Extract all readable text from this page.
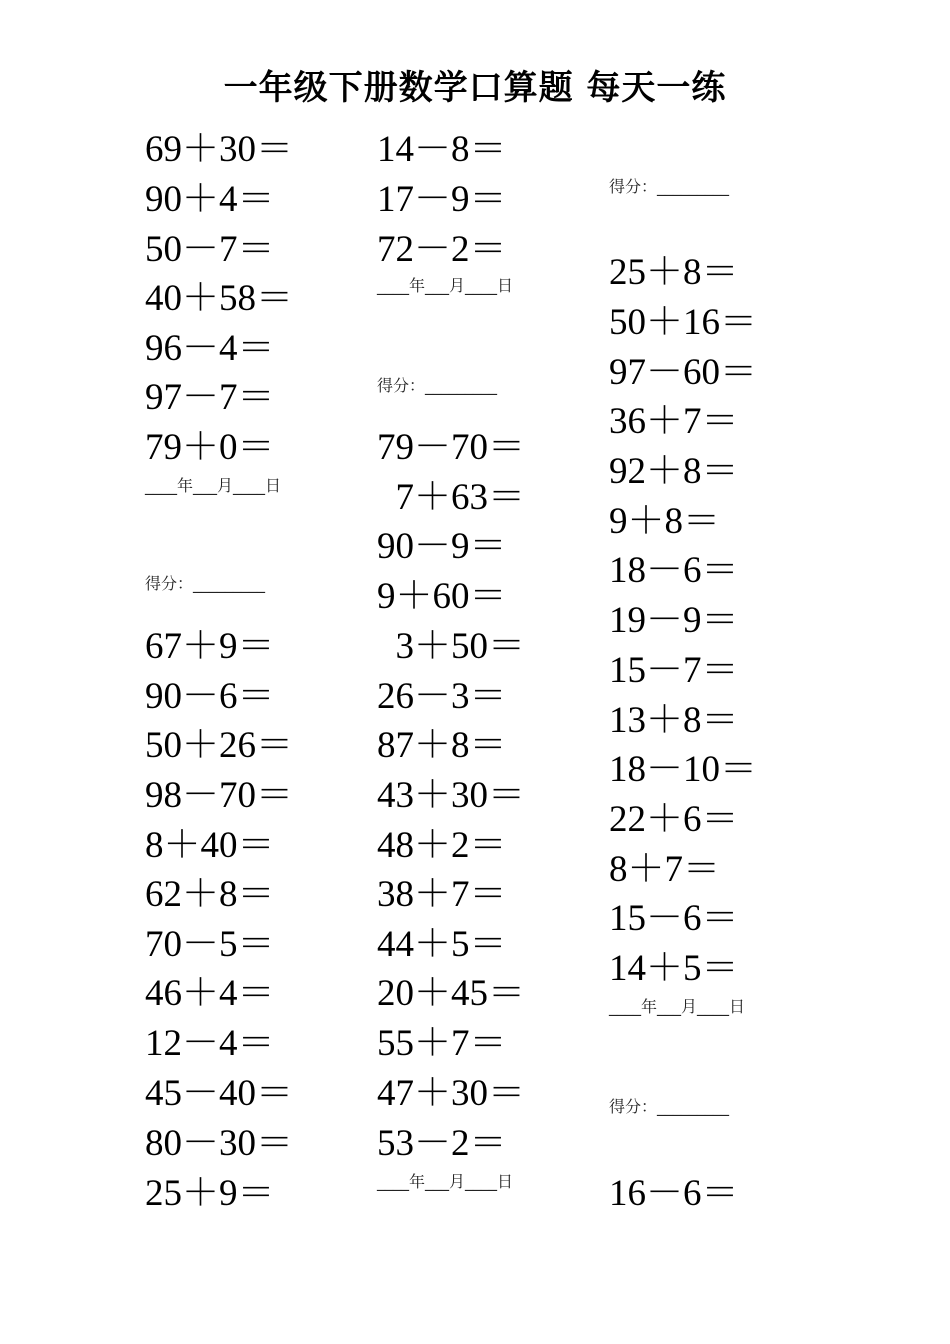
一年级下册数学口算题 每天一练
69＋30＝
90＋4＝
50－7＝
40＋58＝
96－4＝
97－7＝
79＋0＝
____年___月____日
得分：_________
67＋9＝
90－6＝
50＋26＝
98－70＝
8＋40＝
62＋8＝
70－5＝
46＋4＝
12－4＝
45－40＝
80－30＝
25＋9＝
14－8＝
17－9＝
72－2＝
____年___月____日
得分：_________
79－70＝
7＋63＝
90－9＝
9＋60＝
3＋50＝
26－3＝
87＋8＝
43＋30＝
48＋2＝
38＋7＝
44＋5＝
20＋45＝
55＋7＝
47＋30＝
53－2＝
____年___月____日
得分：_________
25＋8＝
50＋16＝
97－60＝
36＋7＝
92＋8＝
9＋8＝
18－6＝
19－9＝
15－7＝
13＋8＝
18－10＝
22＋6＝
8＋7＝
15－6＝
14＋5＝
____年___月____日
得分：_________
16－6＝
